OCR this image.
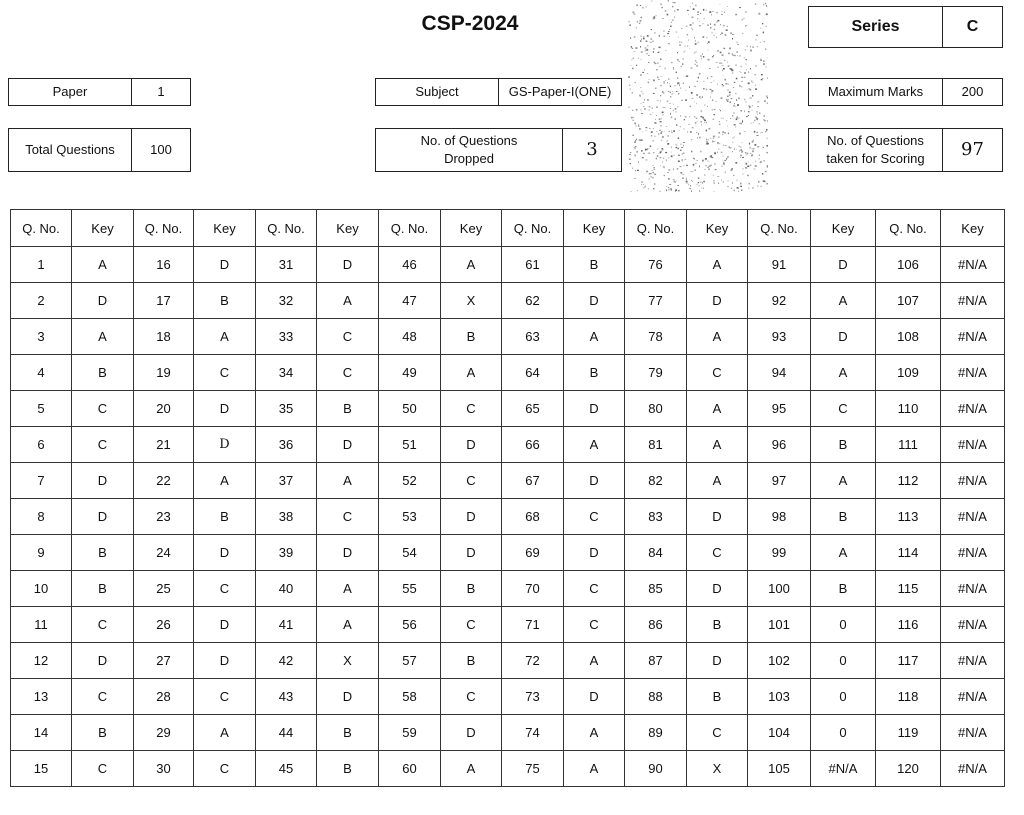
CSP-2024	Series	C
Paper	1	Subject	GS-Paper-I(ONE)	Maximum Marks	200
Total Questions	100
No. of Questions
Dropped	3	No. of Questions
taken for Scoring	97
Q. No.	Key	Q. No.	Key	Q. No.	Key	Q. No.	Key	Q. No.	Key	Q. No.	Key	Q. No.	Key	Q. No.	Key
1	A	16	D	31	D	46	A	61	B	76	A	91	D	106	#N/A
2	D	17	B	32	A	47	X	62	D	77	D	92	A	107	#N/A
3	A	18	A	33	C	48	B	63	A	78	A	93	D	108	#N/A
4	B	19	C	34	C	49	A	64	B	79	C	94	A	109	#N/A
5	C	20	D	35	B	50	C	65	D	80	A	95	C	110	#N/A
6	C	21	D	36	D	51	D	66	A	81	A	96	B	111	#N/A
7	D	22	A	37	A	52	C	67	D	82	A	97	A	112	#N/A
8	D	23	B	38	C	53	D	68	C	83	D	98	B	113	#N/A
9	B	24	D	39	D	54	D	69	D	84	C	99	A	114	#N/A
10	B	25	C	40	A	55	B	70	C	85	D	100	B	115	#N/A
11	C	26	D	41	A	56	C	71	C	86	B	101	0	116	#N/A
12	D	27	D	42	X	57	B	72	A	87	D	102	0	117	#N/A
13	C	28	C	43	D	58	C	73	D	88	B	103	0	118	#N/A
14	B	29	A	44	B	59	D	74	A	89	C	104	0	119	#N/A
15	C	30	C	45	B	60	A	75	A	90	X	105	#N/A	120	#N/A
